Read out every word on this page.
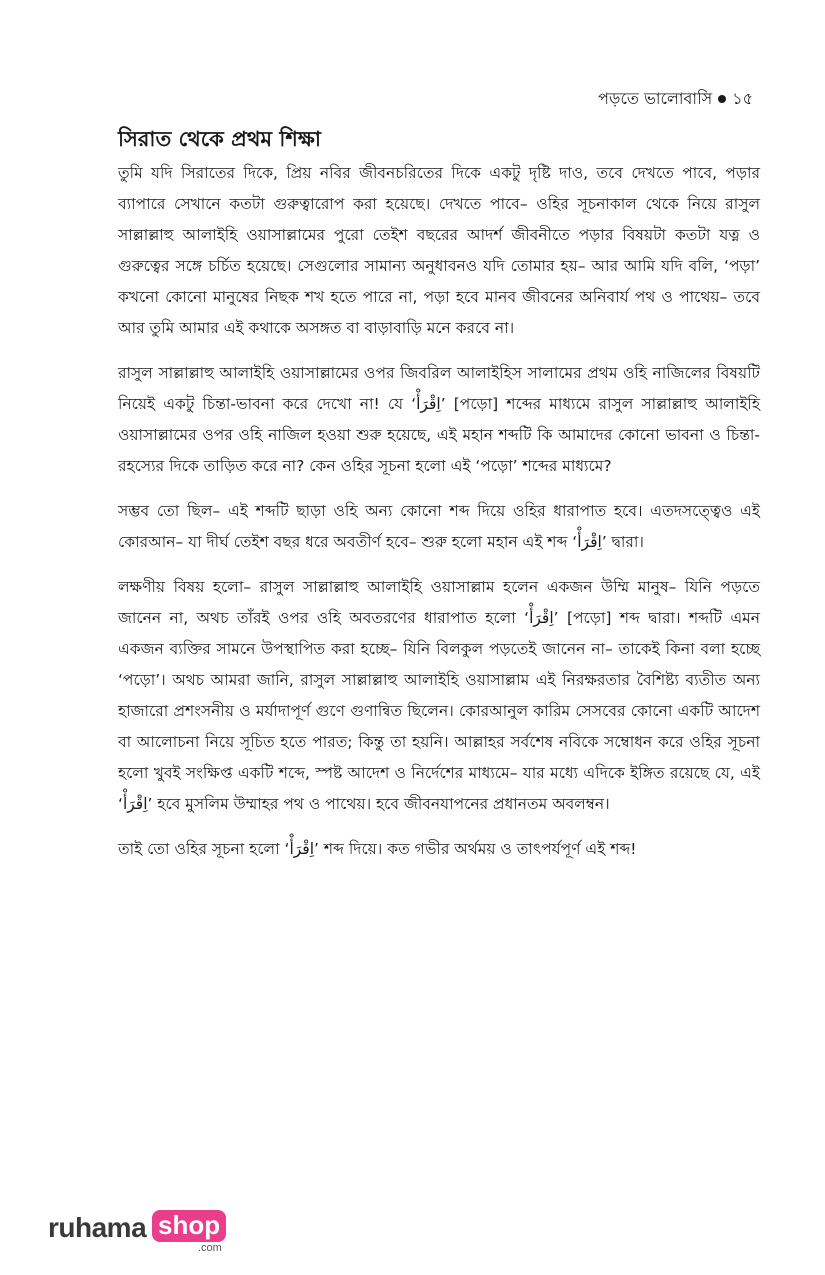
পড়তে ভালোবাসি ১৫
সিরাত থেকে প্রথম শিক্ষা

তুমি যদি সিরাতের দিকে, প্রিয় নবির জীবনচরিতের দিকে একটু দৃষ্টি দাও, তবে দেখতে পাবে, পড়ার ব্যাপারে সেখানে কতটা গুরুত্বারোপ করা হয়েছে। দেখতে পাবে– ওহির সূচনাকাল থেকে নিয়ে রাসুল সাল্লাল্লাহু আলাইহি ওয়াসাল্লামের পুরো তেইশ বছরের আদর্শ জীবনীতে পড়ার বিষয়টা কতটা যত্ন ও গুরুত্বের সঙ্গে চর্চিত হয়েছে। সেগুলোর সামান্য অনুধাবনও যদি তোমার হয়– আর আমি যদি বলি, ‘পড়া’ কখনো কোনো মানুষের নিছক শখ হতে পারে না, পড়া হবে মানব জীবনের অনিবার্য পথ ও পাথেয়– তবে আর তুমি আমার এই কথাকে অসঙ্গত বা বাড়াবাড়ি মনে করবে না।

রাসুল সাল্লাল্লাহু আলাইহি ওয়াসাল্লামের ওপর জিবরিল আলাইহিস সালামের প্রথম ওহি নাজিলের বিষয়টি নিয়েই একটু চিন্তা-ভাবনা করে দেখো না! যে ‘اِقْرَأْ’ [পড়ো] শব্দের মাধ্যমে রাসুল সাল্লাল্লাহু আলাইহি ওয়াসাল্লামের ওপর ওহি নাজিল হওয়া শুরু হয়েছে, এই মহান শব্দটি কি আমাদের কোনো ভাবনা ও চিন্তা-রহস্যের দিকে তাড়িত করে না? কেন ওহির সূচনা হলো এই ‘পড়ো’ শব্দের মাধ্যমে?

সম্ভব তো ছিল– এই শব্দটি ছাড়া ওহি অন্য কোনো শব্দ দিয়ে ওহির ধারাপাত হবে। এতদসত্ত্বেও এই কোরআন– যা দীর্ঘ তেইশ বছর ধরে অবতীর্ণ হবে– শুরু হলো মহান এই শব্দ ‘اِقْرَأْ’ দ্বারা।

লক্ষণীয় বিষয় হলো– রাসুল সাল্লাল্লাহু আলাইহি ওয়াসাল্লাম হলেন একজন উম্মি মানুষ– যিনি পড়তে জানেন না, অথচ তাঁরই ওপর ওহি অবতরণের ধারাপাত হলো ‘اِقْرَأْ’ [পড়ো] শব্দ দ্বারা। শব্দটি এমন একজন ব্যক্তির সামনে উপস্থাপিত করা হচ্ছে– যিনি বিলকুল পড়তেই জানেন না– তাকেই কিনা বলা হচ্ছে ‘পড়ো’। অথচ আমরা জানি, রাসুল সাল্লাল্লাহু আলাইহি ওয়াসাল্লাম এই নিরক্ষরতার বৈশিষ্ট্য ব্যতীত অন্য হাজারো প্রশংসনীয় ও মর্যাদাপূর্ণ গুণে গুণান্বিত ছিলেন। কোরআনুল কারিম সেসবের কোনো একটি আদেশ বা আলোচনা নিয়ে সূচিত হতে পারত; কিন্তু তা হয়নি। আল্লাহর সর্বশেষ নবিকে সম্বোধন করে ওহির সূচনা হলো খুবই সংক্ষিপ্ত একটি শব্দে, স্পষ্ট আদেশ ও নির্দেশের মাধ্যমে– যার মধ্যে এদিকে ইঙ্গিত রয়েছে যে, এই ‘اِقْرَأْ’ হবে মুসলিম উম্মাহর পথ ও পাথেয়। হবে জীবনযাপনের প্রধানতম অবলম্বন।

তাই তো ওহির সূচনা হলো ‘اِقْرَأْ’ শব্দ দিয়ে। কত গভীর অর্থময় ও তাৎপর্যপূর্ণ এই শব্দ!

ruhama shop
.com
